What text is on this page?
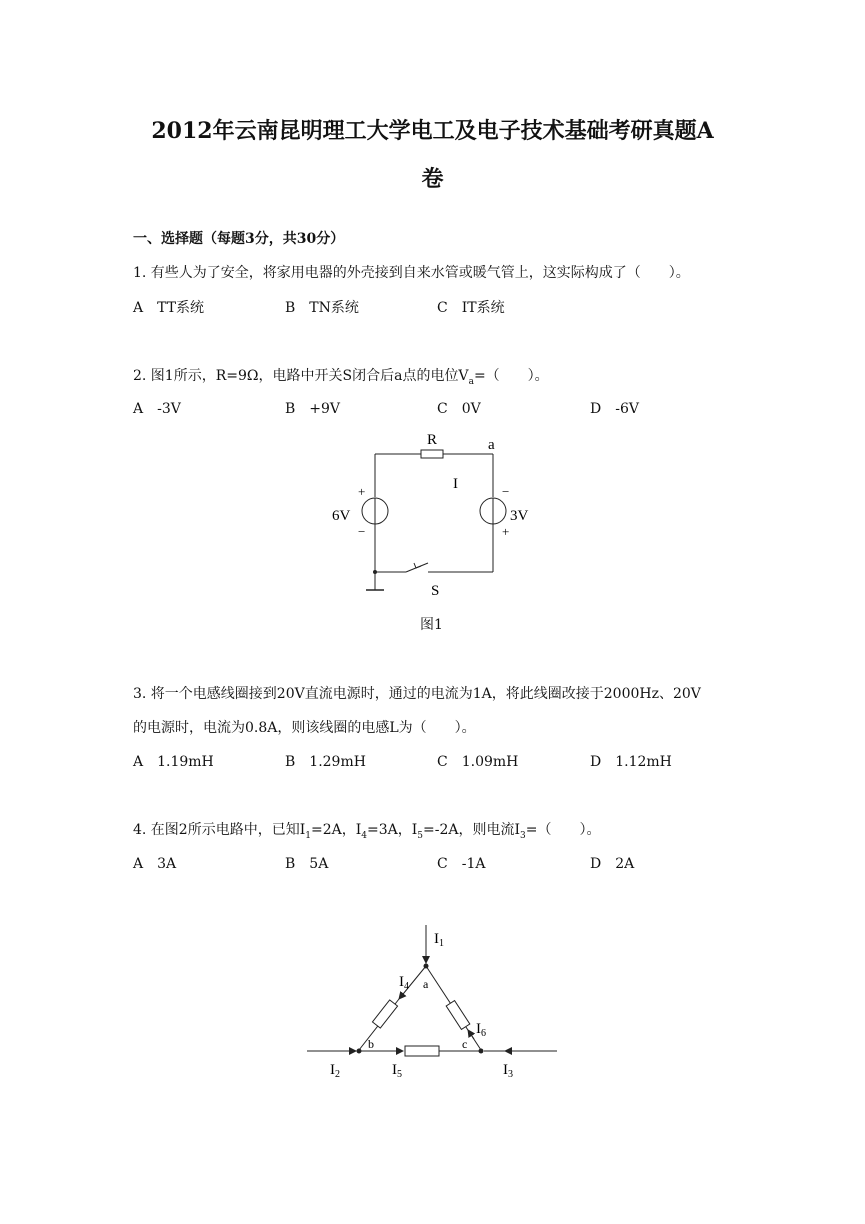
2012年云南昆明理工大学电工及电子技术基础考研真题A
卷
一、选择题（每题3分，共30分）
1. 有些人为了安全，将家用电器的外壳接到自来水管或暖气管上，这实际构成了（　　）。
A　TT系统	B　TN系统	C　IT系统
2. 图1所示，R=9Ω，电路中开关S闭合后a点的电位$V_a=$（　　）。
A　-3V	B　+9V	C　0V	D　-6V
R	a
I
6V	3V
+
−
−
+
S
图1
3. 将一个电感线圈接到20V直流电源时，通过的电流为1A，将此线圈改接于2000Hz、20V
的电源时，电流为0.8A，则该线圈的电感L为（　　）。
A　1.19mH	B　1.29mH	C　1.09mH	D　1.12mH
4. 在图2所示电路中，已知$I_1=2A$，$I_4=3A$，$I_5=-2A$，则电流$I_3=$（　　）。
A　3A	B　5A	C　-1A	D　2A
$I_1$
$I_4$ a
$I_6$
b	c
$I_2$	$I_5$	$I_3$
